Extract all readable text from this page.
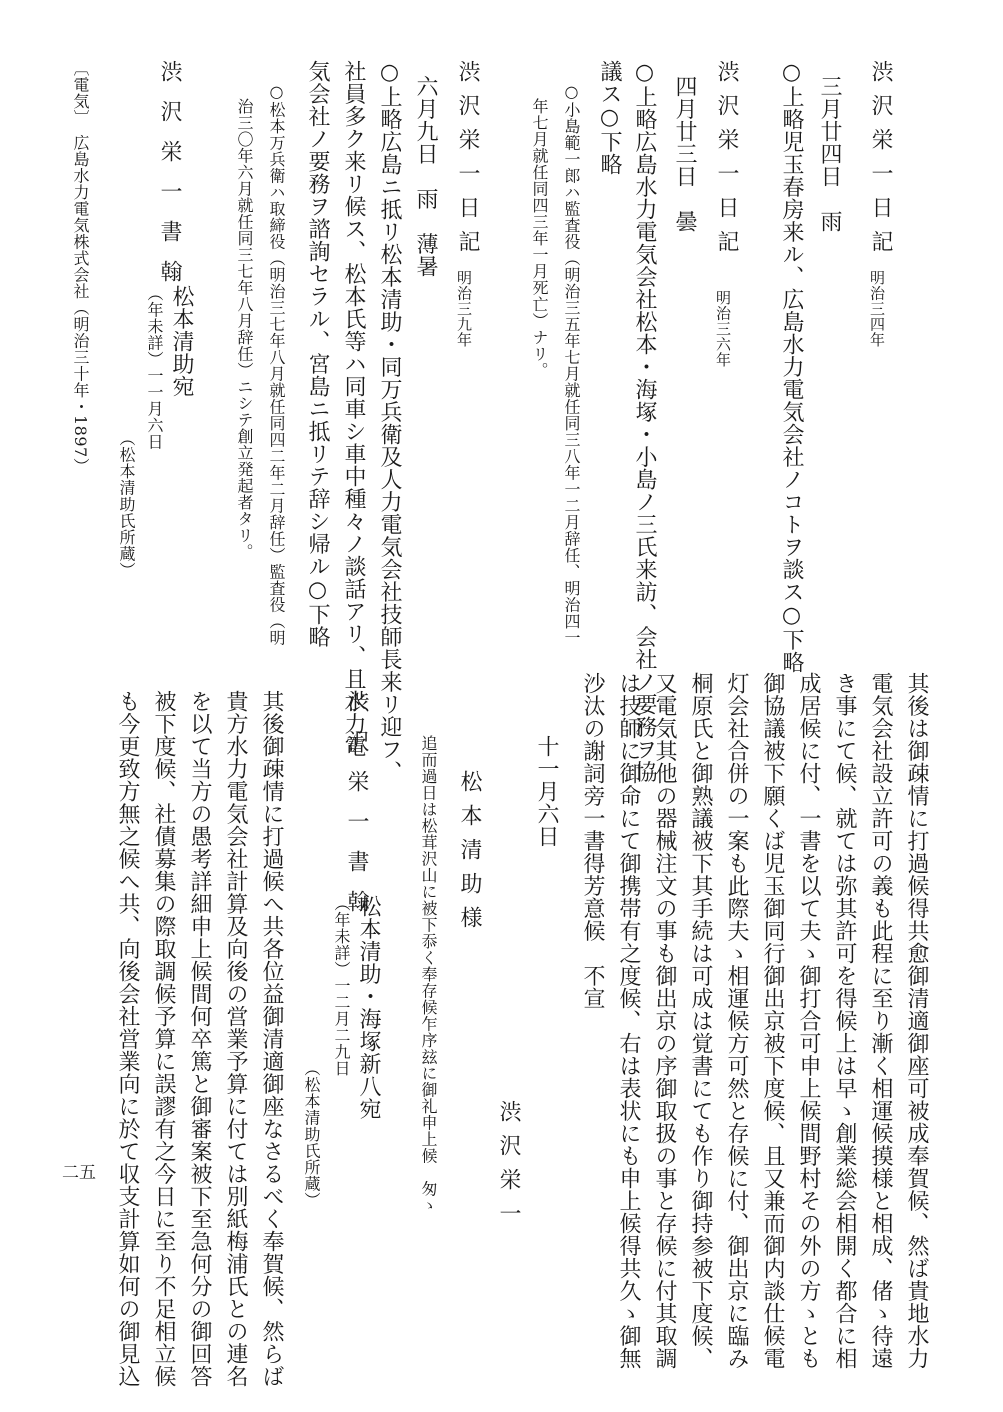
渋沢栄一日記
明治三四年
三月廿四日　雨
○上略児玉春房来ル、広島水力電気会社ノコトヲ談ス○下略
渋沢栄一日記
明治三六年
四月廿三日　曇
○上略広島水力電気会社松本・海塚・小島ノ三氏来訪、会社ノ要務ヲ協
議ス○下略
○小島範一郎ハ監査役（明治三五年七月就任同三八年一二月辞任、明治四一
年七月就任同四三年一月死亡）ナリ。
渋沢栄一日記
明治三九年
六月九日　雨　薄暑
○上略広島ニ抵リ松本清助・同万兵衛及人力電気会社技師長来リ迎フ、
社員多ク来リ候ス、松本氏等ハ同車シ車中種々ノ談話アリ、且水力電
気会社ノ要務ヲ諮詢セラル、宮島ニ抵リテ辞シ帰ル○下略
○松本万兵衛ハ取締役（明治三七年八月就任同四二年二月辞任）監査役（明
治三〇年六月就任同三七年八月辞任）ニシテ創立発起者タリ。
渋沢栄一書翰
松本清助宛
（年未詳）一一月六日
（松本清助氏所蔵）
〔電気〕　広島水力電気株式会社（明治三十年・1897）
其後は御疎情に打過候得共愈御清適御座可被成奉賀候、然ば貴地水力
電気会社設立許可の義も此程に至り漸く相運候摸様と相成、偖ゝ待遠
き事にて候、就ては弥其許可を得候上は早ゝ創業総会相開く都合に相
成居候に付、一書を以て夫ゝ御打合可申上候間野村その外の方ゝとも
御協議被下願くば児玉御同行御出京被下度候、且又兼而御内談仕候電
灯会社合併の一案も此際夫ゝ相運候方可然と存候に付、御出京に臨み
桐原氏と御熟議被下其手続は可成は覚書にても作り御持参被下度候、
又電気其他の器械注文の事も御出京の序御取扱の事と存候に付其取調
は技師に御命にて御携帯有之度候、右は表状にも申上候得共久ゝ御無
沙汰の謝詞旁一書得芳意候　不宣
十一月六日
渋沢栄一
松本清助様
追而過日は松茸沢山に被下忝く奉存候乍序玆に御礼申上候　匆ゝ
渋沢栄一書翰
松本清助・海塚新八宛
（年未詳）一二月二九日
（松本清助氏所蔵）
其後御疎情に打過候へ共各位益御清適御座なさるべく奉賀候、然らば
貴方水力電気会社計算及向後の営業予算に付ては別紙梅浦氏との連名
を以て当方の愚考詳細申上候間何卒篤と御審案被下至急何分の御回答
被下度候、社債募集の際取調候予算に誤謬有之今日に至り不足相立候
も今更致方無之候へ共、向後会社営業向に於て収支計算如何の御見込
二五
